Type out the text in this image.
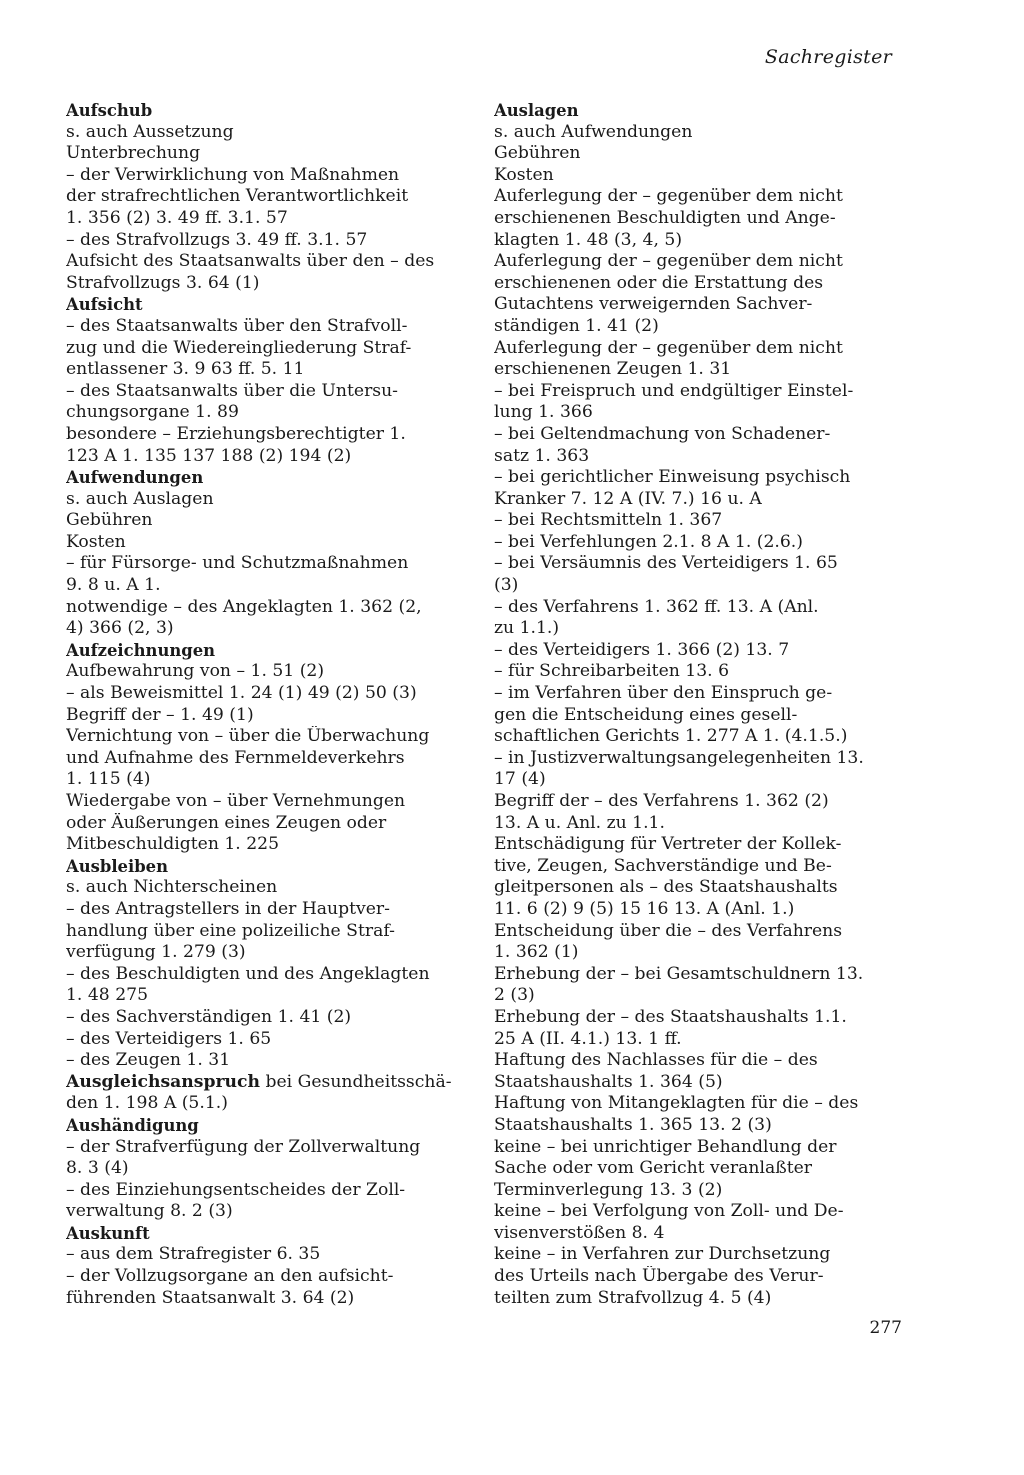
Sachregister
Aufschub
s. auch Aussetzung
Unterbrechung
– der Verwirklichung von Maßnahmen
der strafrechtlichen Verantwortlichkeit
1. 356 (2) 3. 49 ff. 3.1. 57
– des Strafvollzugs 3. 49 ff. 3.1. 57
Aufsicht des Staatsanwalts über den – des
Strafvollzugs 3. 64 (1)
Aufsicht
– des Staatsanwalts über den Strafvoll-
zug und die Wiedereingliederung Straf-
entlassener 3. 9 63 ff. 5. 11
– des Staatsanwalts über die Untersu-
chungsorgane 1. 89
besondere – Erziehungsberechtigter 1.
123 A 1. 135 137 188 (2) 194 (2)
Aufwendungen
s. auch Auslagen
Gebühren
Kosten
– für Fürsorge- und Schutzmaßnahmen
9. 8 u. A 1.
notwendige – des Angeklagten 1. 362 (2,
4) 366 (2, 3)
Aufzeichnungen
Aufbewahrung von – 1. 51 (2)
– als Beweismittel 1. 24 (1) 49 (2) 50 (3)
Begriff der – 1. 49 (1)
Vernichtung von – über die Überwachung
und Aufnahme des Fernmeldeverkehrs
1. 115 (4)
Wiedergabe von – über Vernehmungen
oder Äußerungen eines Zeugen oder
Mitbeschuldigten 1. 225
Ausbleiben
s. auch Nichterscheinen
– des Antragstellers in der Hauptver-
handlung über eine polizeiliche Straf-
verfügung 1. 279 (3)
– des Beschuldigten und des Angeklagten
1. 48 275
– des Sachverständigen 1. 41 (2)
– des Verteidigers 1. 65
– des Zeugen 1. 31
Ausgleichsanspruch bei Gesundheitsschä-
den 1. 198 A (5.1.)
Aushändigung
– der Strafverfügung der Zollverwaltung
8. 3 (4)
– des Einziehungsentscheides der Zoll-
verwaltung 8. 2 (3)
Auskunft
– aus dem Strafregister 6. 35
– der Vollzugsorgane an den aufsicht-
führenden Staatsanwalt 3. 64 (2)
Auslagen
s. auch Aufwendungen
Gebühren
Kosten
Auferlegung der – gegenüber dem nicht
erschienenen Beschuldigten und Ange-
klagten 1. 48 (3, 4, 5)
Auferlegung der – gegenüber dem nicht
erschienenen oder die Erstattung des
Gutachtens verweigernden Sachver-
ständigen 1. 41 (2)
Auferlegung der – gegenüber dem nicht
erschienenen Zeugen 1. 31
– bei Freispruch und endgültiger Einstel-
lung 1. 366
– bei Geltendmachung von Schadener-
satz 1. 363
– bei gerichtlicher Einweisung psychisch
Kranker 7. 12 A (IV. 7.) 16 u. A
– bei Rechtsmitteln 1. 367
– bei Verfehlungen 2.1. 8 A 1. (2.6.)
– bei Versäumnis des Verteidigers 1. 65
(3)
– des Verfahrens 1. 362 ff. 13. A (Anl.
zu 1.1.)
– des Verteidigers 1. 366 (2) 13. 7
– für Schreibarbeiten 13. 6
– im Verfahren über den Einspruch ge-
gen die Entscheidung eines gesell-
schaftlichen Gerichts 1. 277 A 1. (4.1.5.)
– in Justizverwaltungsangelegenheiten 13.
17 (4)
Begriff der – des Verfahrens 1. 362 (2)
13. A u. Anl. zu 1.1.
Entschädigung für Vertreter der Kollek-
tive, Zeugen, Sachverständige und Be-
gleitpersonen als – des Staatshaushalts
11. 6 (2) 9 (5) 15 16 13. A (Anl. 1.)
Entscheidung über die – des Verfahrens
1. 362 (1)
Erhebung der – bei Gesamtschuldnern 13.
2 (3)
Erhebung der – des Staatshaushalts 1.1.
25 A (II. 4.1.) 13. 1 ff.
Haftung des Nachlasses für die – des
Staatshaushalts 1. 364 (5)
Haftung von Mitangeklagten für die – des
Staatshaushalts 1. 365 13. 2 (3)
keine – bei unrichtiger Behandlung der
Sache oder vom Gericht veranlaßter
Terminverlegung 13. 3 (2)
keine – bei Verfolgung von Zoll- und De-
visenverstößen 8. 4
keine – in Verfahren zur Durchsetzung
des Urteils nach Übergabe des Verur-
teilten zum Strafvollzug 4. 5 (4)
277
